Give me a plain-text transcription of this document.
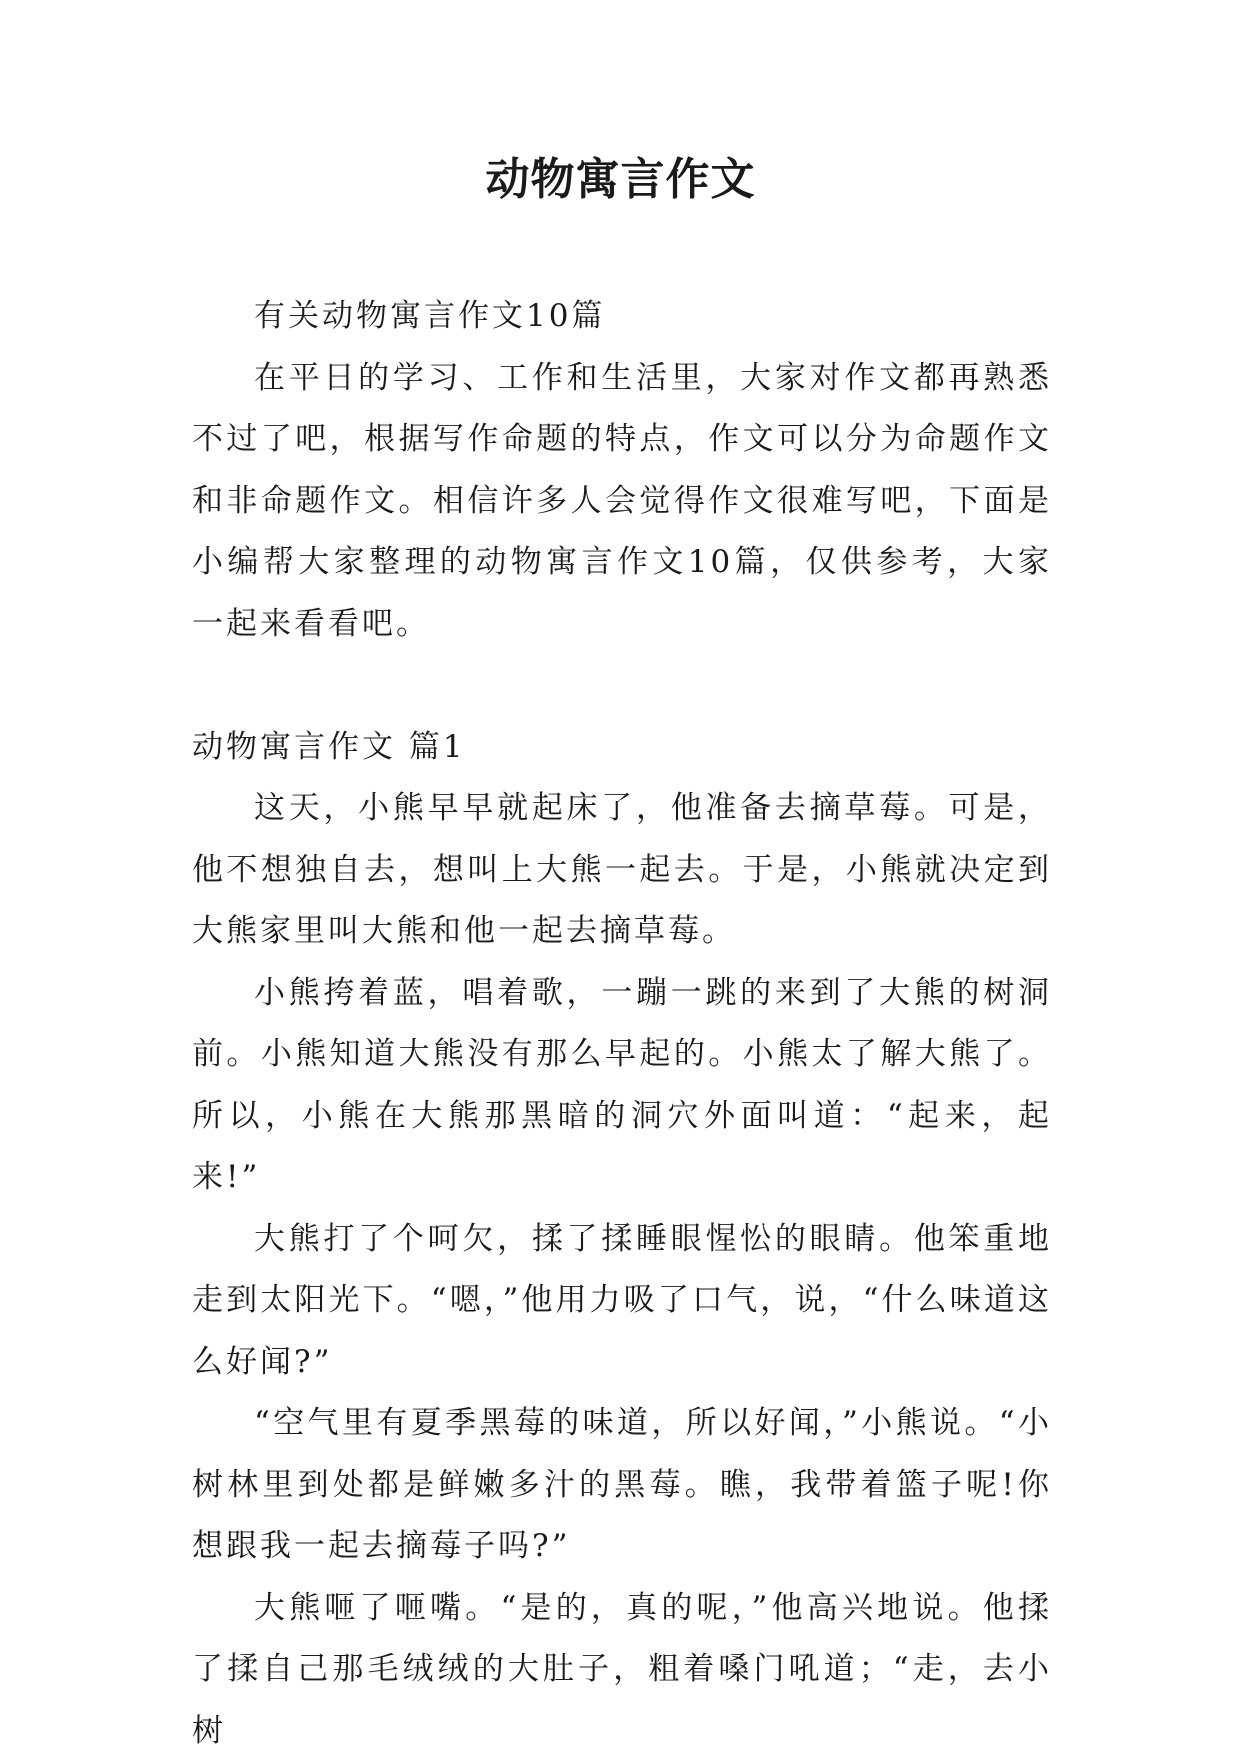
动物寓言作文

有关动物寓言作文10篇

在平日的学习、工作和生活里，大家对作文都再熟悉不过了吧，根据写作命题的特点，作文可以分为命题作文和非命题作文。相信许多人会觉得作文很难写吧，下面是小编帮大家整理的动物寓言作文10篇，仅供参考，大家一起来看看吧。

动物寓言作文 篇1

这天，小熊早早就起床了，他准备去摘草莓。可是，他不想独自去，想叫上大熊一起去。于是，小熊就决定到大熊家里叫大熊和他一起去摘草莓。

小熊挎着蓝，唱着歌，一蹦一跳的来到了大熊的树洞前。小熊知道大熊没有那么早起的。小熊太了解大熊了。所以，小熊在大熊那黑暗的洞穴外面叫道：“起来，起来!”

大熊打了个呵欠，揉了揉睡眼惺忪的眼睛。他笨重地走到太阳光下。“嗯，”他用力吸了口气，说，“什么味道这么好闻?”

“空气里有夏季黑莓的味道，所以好闻，”小熊说。“小树林里到处都是鲜嫩多汁的黑莓。瞧，我带着篮子呢!你想跟我一起去摘莓子吗?”

大熊咂了咂嘴。“是的，真的呢，”他高兴地说。他揉了揉自己那毛绒绒的大肚子，粗着嗓门吼道；“走，去小树
